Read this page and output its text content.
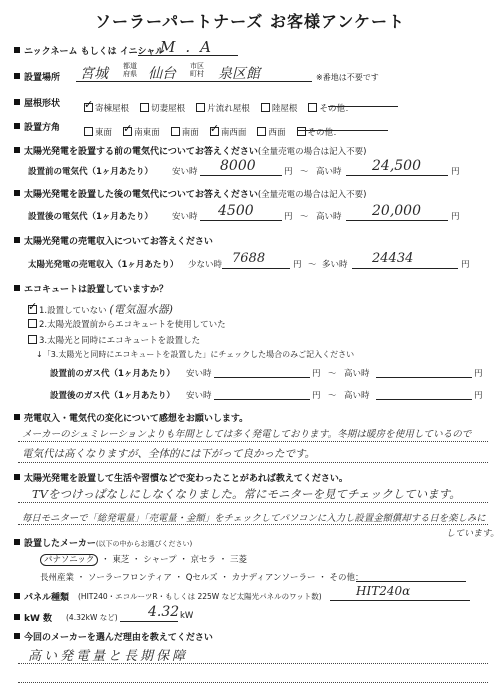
ソーラーパートナーズ お客様アンケート
ニックネーム もしくは イニシャル
M.A
設置場所 宮城 都道
府県 仙台 市区
町村 泉区館	※番地は不要です
屋根形状 ✓	寄棟屋根	切妻屋根	片流れ屋根	陸屋根	その他：
設置方角	東面 ✓	南東面	南面 ✓	南西面	西面	その他：
太陽光発電を設置する前の電気代についてお答えください(全量売電の場合は記入不要)
設置前の電気代（1ヶ月あたり） 安い時 8000	円 ～ 高い時 24,500	円
太陽光発電を設置した後の電気代についてお答えください(全量売電の場合は記入不要)
設置後の電気代（1ヶ月あたり） 安い時 4500	円 ～ 高い時 20,000	円
太陽光発電の売電収入についてお答えください
太陽光発電の売電収入（1ヶ月あたり） 少ない時 7688	円 ～ 多い時 24434	円
エコキュートは設置していますか？
✓1.設置していない (電気温水器)
2.太陽光設置前からエコキュートを使用していた
3.太陽光と同時にエコキュートを設置した
↓「3.太陽光と同時にエコキュートを設置した」にチェックした場合のみご記入ください
設置前のガス代（1ヶ月あたり） 安い時	円 ～ 高い時	円
設置後のガス代（1ヶ月あたり） 安い時	円 ～ 高い時	円
売電収入・電気代の変化について感想をお願いします。
メーカーのシュミレーションよりも年間としては多く発電しております。冬期は暖房を使用しているので
電気代は高くなりますが、全体的には下がって良かったです。
太陽光発電を設置して生活や習慣などで変わったことがあれば教えてください。
TVをつけっぱなしにしなくなりました。常にモニターを見てチェックしています。
毎日モニターで「総発電量」「売電量・金額」をチェックしてパソコンに入力し設置金額償却する日を楽しみに
しています。
設置したメーカー(以下の中からお選びください)
パナソニック ・ 東芝 ・ シャープ ・ 京セラ ・ 三菱
長州産業 ・ ソーラーフロンティア ・ Qセルズ ・ カナディアンソーラー ・ その他：
パネル種類 (HIT240・エコルーツR・もしくは 225W など太陽光パネルのワット数)	HIT240α
kW 数 (4.32kW など) 4.32 kW
今回のメーカーを選んだ理由を教えてください
高い発電量と長期保障
